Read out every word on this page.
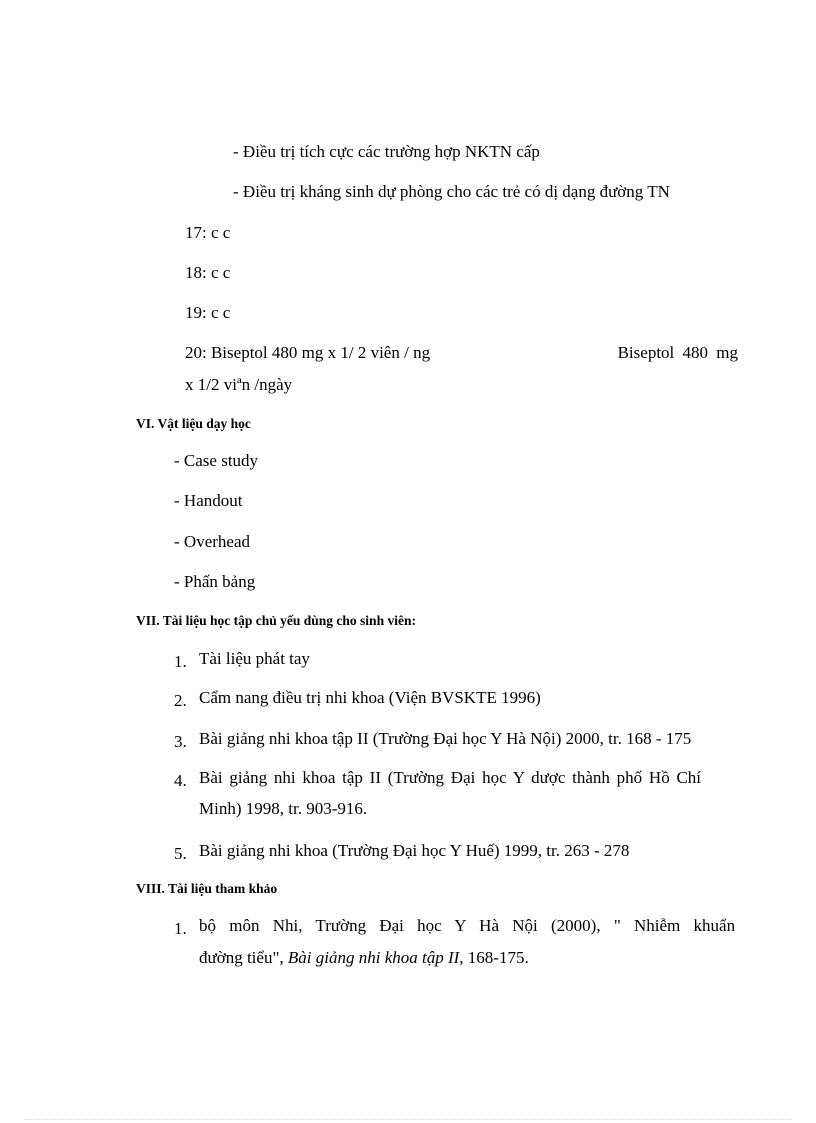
- Điều trị tích cực các trường hợp NKTN cấp
- Điều trị kháng sinh dự phòng cho các trẻ có dị dạng đường TN
17: c c
18: c c
19: c c
20: Biseptol 480 mg x 1/ 2 viên / ng	Biseptol 480 mg
x 1/2 viªn /ngày
VI. Vật liệu dạy học
- Case study
- Handout
- Overhead
- Phấn bảng
VII. Tài liệu học tập chủ yếu dùng cho sinh viên:
1. Tài liệu phát tay
2. Cẩm nang điều trị nhi khoa (Viện BVSKTE 1996)
3. Bài giảng nhi khoa tập II (Trường Đại học Y Hà Nội) 2000, tr. 168 - 175
4. Bài giảng nhi khoa tập II (Trường Đại học Y dược thành phố Hồ Chí
Minh) 1998, tr. 903-916.
5. Bài giảng nhi khoa (Trường Đại học Y Huế) 1999, tr. 263 - 278
VIII. Tài liệu tham khảo
1. bộ môn Nhi, Trường Đại học Y Hà Nội (2000), " Nhiễm khuẩn
đường tiểu", Bài giảng nhi khoa tập II, 168-175.
